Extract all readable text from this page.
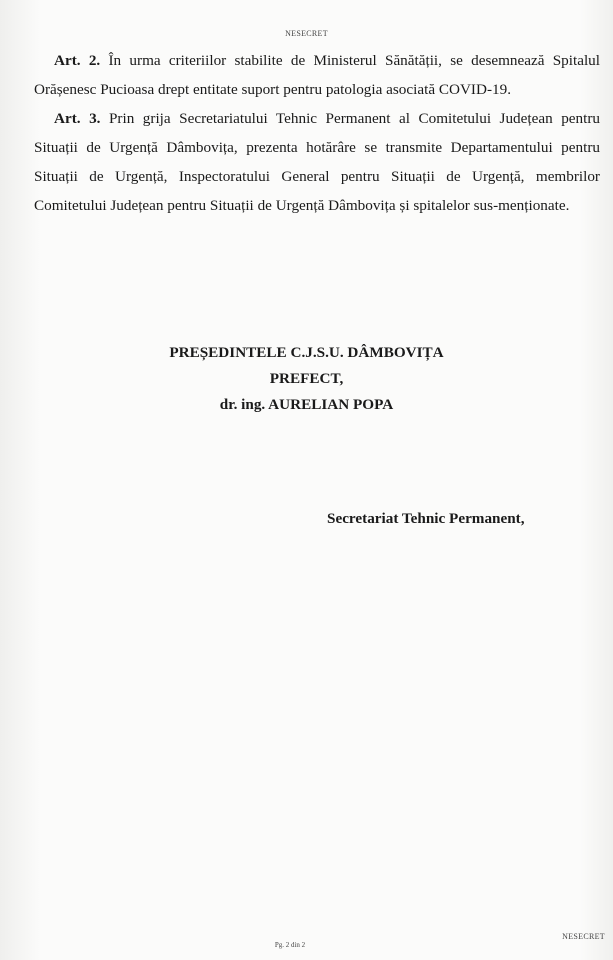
NESECRET

Art. 2. În urma criteriilor stabilite de Ministerul Sănătății, se desemnează Spitalul Orășenesc Pucioasa drept entitate suport pentru patologia asociată COVID-19.

Art. 3. Prin grija Secretariatului Tehnic Permanent al Comitetului Județean pentru Situații de Urgență Dâmbovița, prezenta hotărâre se transmite Departamentului pentru Situații de Urgență, Inspectoratului General pentru Situații de Urgență, membrilor Comitetului Județean pentru Situații de Urgență Dâmbovița și spitalelor sus-menționate.

PREȘEDINTELE C.J.S.U. DÂMBOVIȚA
PREFECT,
dr. ing. AURELIAN POPA
Secretariat Tehnic Permanent,
Pg. 2 din 2
NESECRET
